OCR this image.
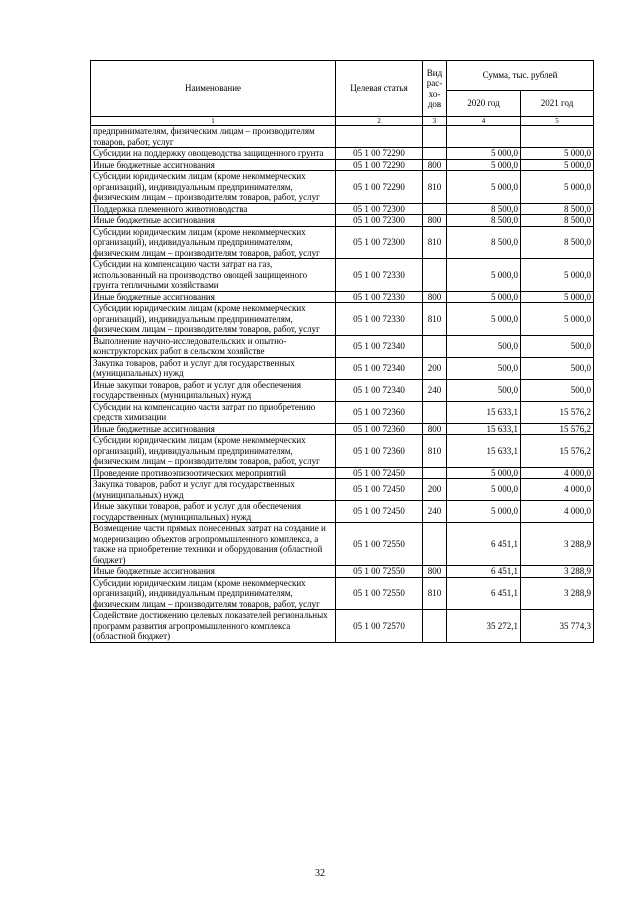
Наименование	Целевая статья	Вид рас-хо-дов	Сумма, тыс. рублей	
			2020 год	2021 год
1	2	3	4	5
предпринимателям, физическим лицам – производителям товаров, работ, услуг				
Субсидии на поддержку овощеводства защищенного грунта	05 1 00 72290		5 000,0	5 000,0
Иные бюджетные ассигнования	05 1 00 72290	800	5 000,0	5 000,0
Субсидии юридическим лицам (кроме некоммерческих организаций), индивидуальным предпринимателям, физическим лицам – производителям товаров, работ, услуг	05 1 00 72290	810	5 000,0	5 000,0
Поддержка племенного животноводства	05 1 00 72300		8 500,0	8 500,0
Иные бюджетные ассигнования	05 1 00 72300	800	8 500,0	8 500,0
Субсидии юридическим лицам (кроме некоммерческих организаций), индивидуальным предпринимателям, физическим лицам – производителям товаров, работ, услуг	05 1 00 72300	810	8 500,0	8 500,0
Субсидии на компенсацию части затрат на газ, использованный на производство овощей защищенного грунта тепличными хозяйствами	05 1 00 72330		5 000,0	5 000,0
Иные бюджетные ассигнования	05 1 00 72330	800	5 000,0	5 000,0
Субсидии юридическим лицам (кроме некоммерческих организаций), индивидуальным предпринимателям, физическим лицам – производителям товаров, работ, услуг	05 1 00 72330	810	5 000,0	5 000,0
Выполнение научно-исследовательских и опытно-конструкторских работ в сельском хозяйстве	05 1 00 72340		500,0	500,0
Закупка товаров, работ и услуг для государственных (муниципальных) нужд	05 1 00 72340	200	500,0	500,0
Иные закупки товаров, работ и услуг для обеспечения государственных (муниципальных) нужд	05 1 00 72340	240	500,0	500,0
Субсидии на компенсацию части затрат по приобретению средств химизации	05 1 00 72360		15 633,1	15 576,2
Иные бюджетные ассигнования	05 1 00 72360	800	15 633,1	15 576,2
Субсидии юридическим лицам (кроме некоммерческих организаций), индивидуальным предпринимателям, физическим лицам – производителям товаров, работ, услуг	05 1 00 72360	810	15 633,1	15 576,2
Проведение противоэпизоотических мероприятий	05 1 00 72450		5 000,0	4 000,0
Закупка товаров, работ и услуг для государственных (муниципальных) нужд	05 1 00 72450	200	5 000,0	4 000,0
Иные закупки товаров, работ и услуг для обеспечения государственных (муниципальных) нужд	05 1 00 72450	240	5 000,0	4 000,0
Возмещение части прямых понесенных затрат на создание и модернизацию объектов агропромышленного комплекса, а также на приобретение техники и оборудования (областной бюджет)	05 1 00 72550		6 451,1	3 288,9
Иные бюджетные ассигнования	05 1 00 72550	800	6 451,1	3 288,9
Субсидии юридическим лицам (кроме некоммерческих организаций), индивидуальным предпринимателям, физическим лицам – производителям товаров, работ, услуг	05 1 00 72550	810	6 451,1	3 288,9
Содействие достижению целевых показателей региональных программ развития агропромышленного комплекса (областной бюджет)	05 1 00 72570		35 272,1	35 774,3
32
